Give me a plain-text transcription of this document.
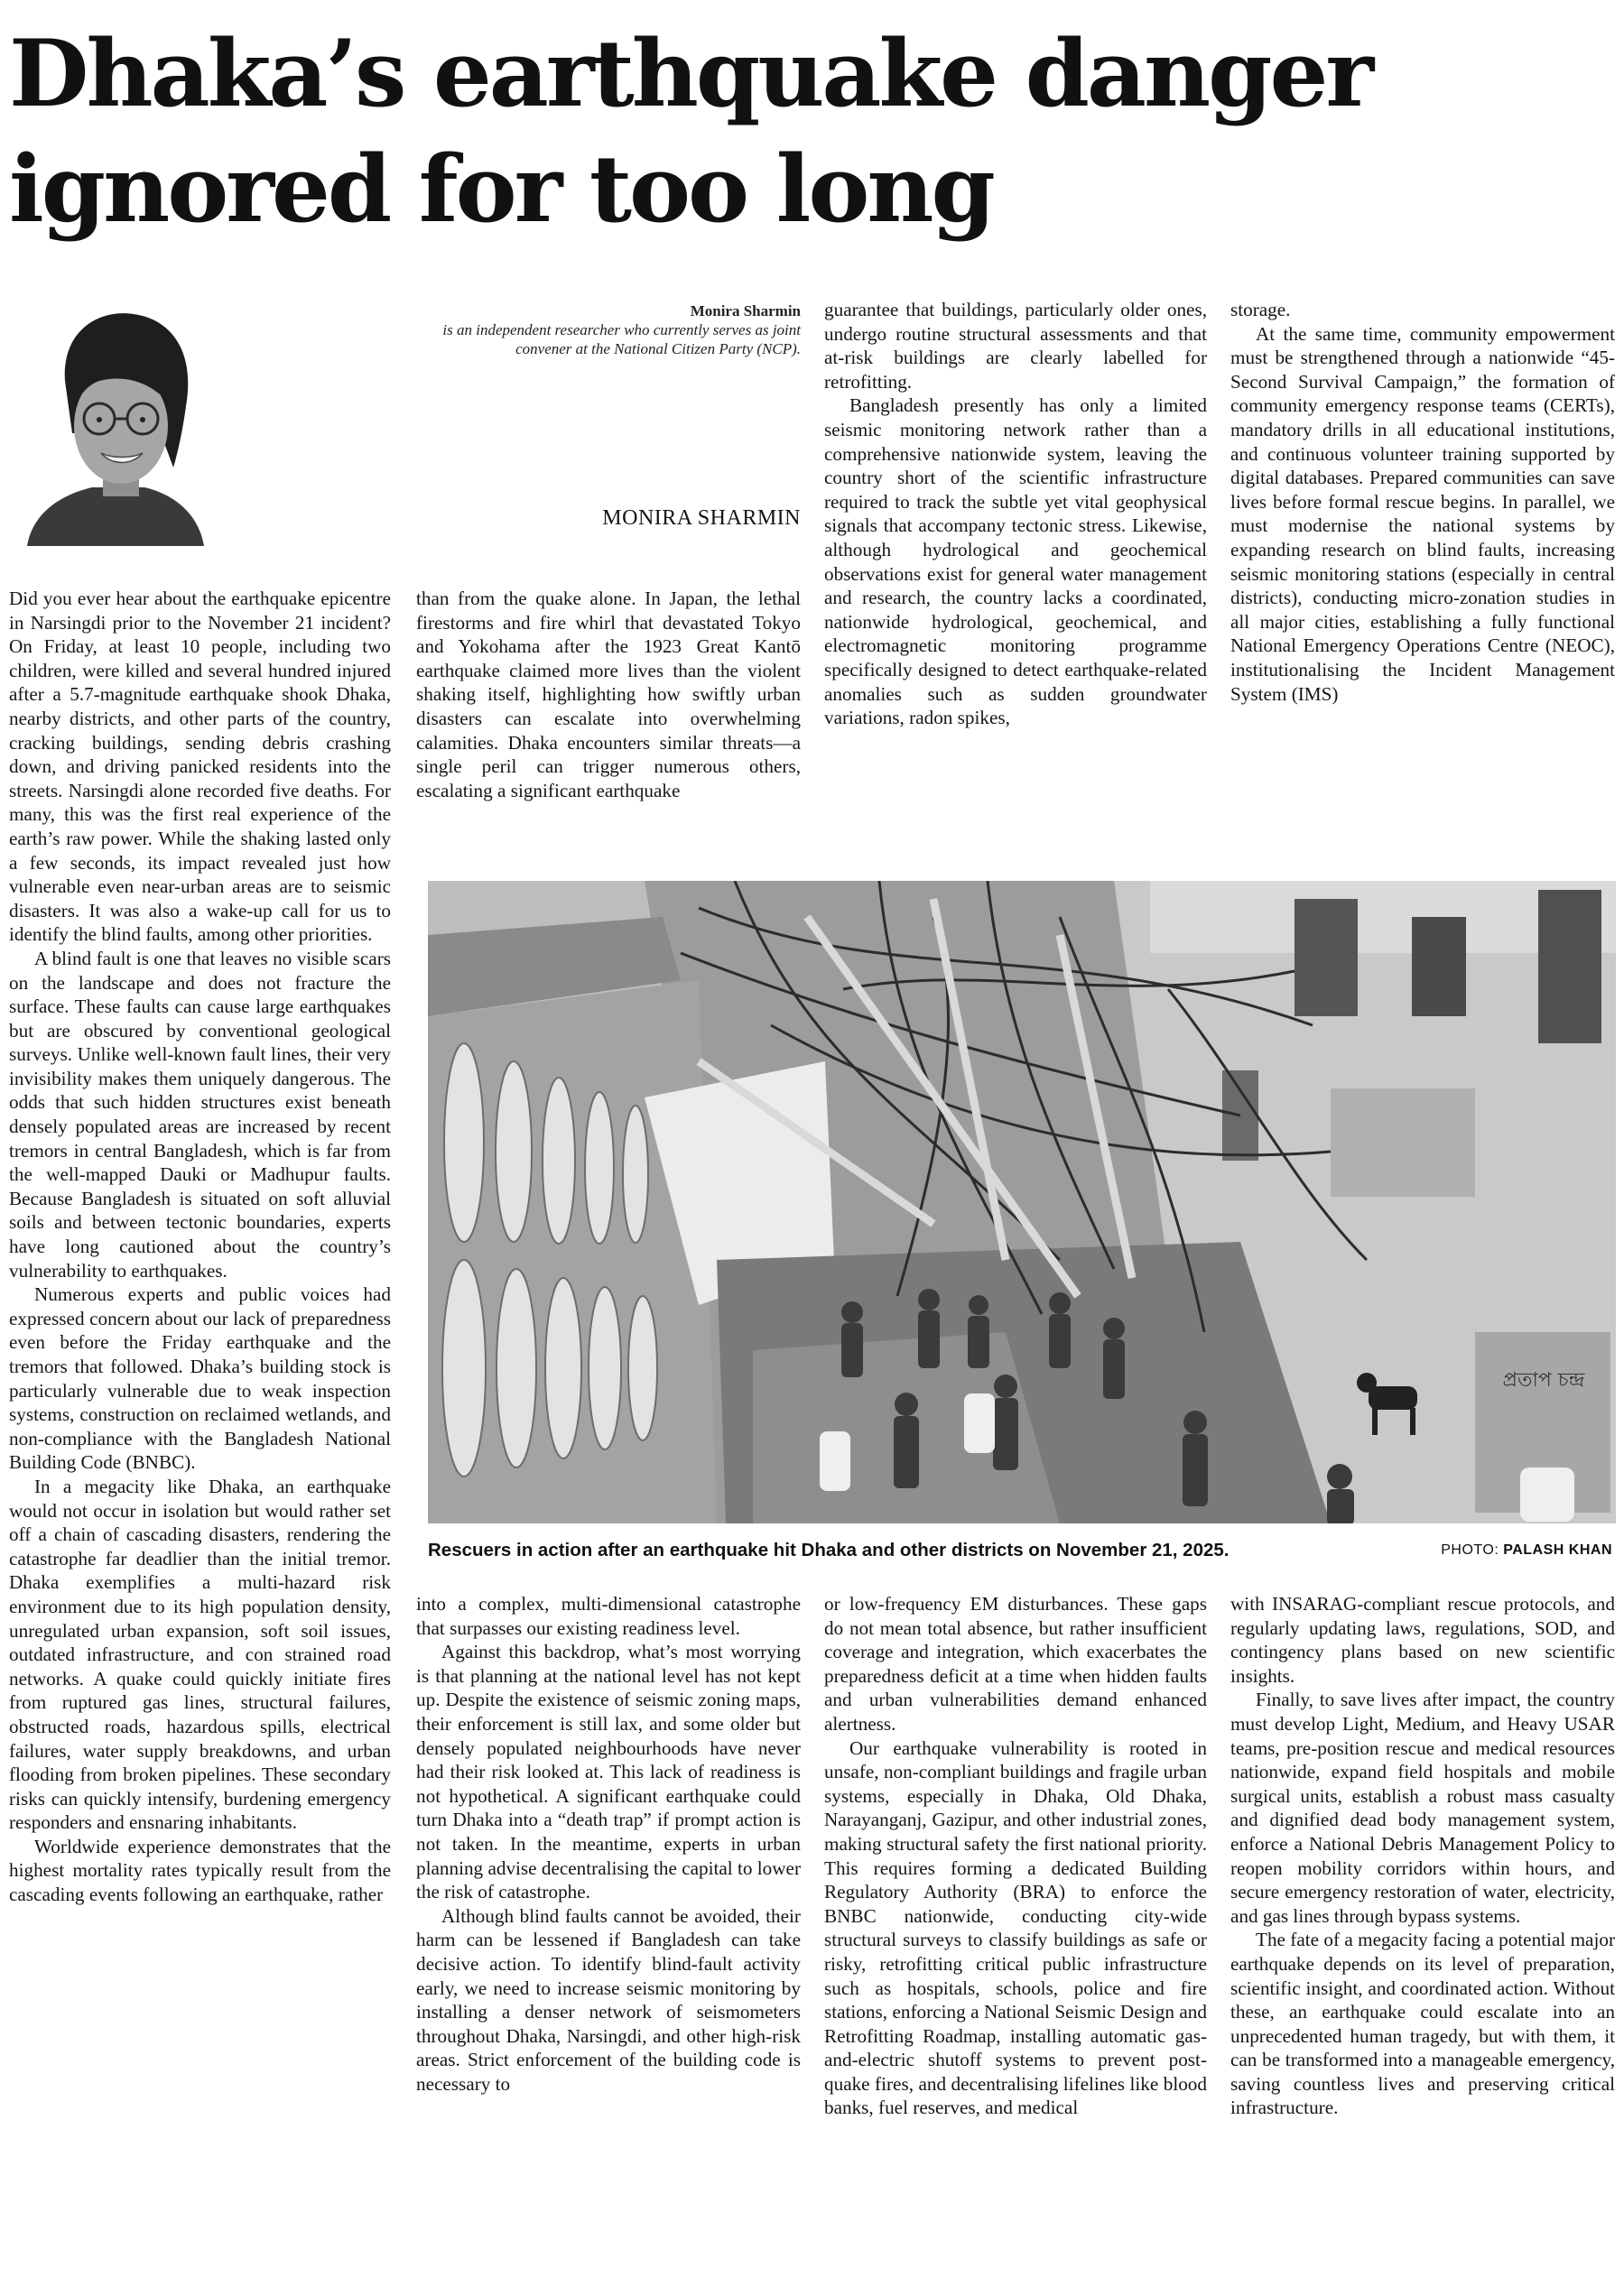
Dhaka’s earthquake danger
ignored for too long
Monira Sharmin
is an independent researcher who currently serves as joint convener at the National Citizen Party (NCP).
MONIRA SHARMIN

Did you ever hear about the earthquake epicentre in Narsingdi prior to the November 21 incident? On Friday, at least 10 people, including two children, were killed and several hundred injured after a 5.7-magnitude earthquake shook Dhaka, nearby districts, and other parts of the country, cracking buildings, sending debris crashing down, and driving panicked residents into the streets. Narsingdi alone recorded five deaths. For many, this was the first real experience of the earth’s raw power. While the shaking lasted only a few seconds, its impact revealed just how vulnerable even near-urban areas are to seismic disasters. It was also a wake-up call for us to identify the blind faults, among other priorities.

A blind fault is one that leaves no visible scars on the landscape and does not fracture the surface. These faults can cause large earthquakes but are obscured by conventional geological surveys. Unlike well-known fault lines, their very invisibility makes them uniquely dangerous. The odds that such hidden structures exist beneath densely populated areas are increased by recent tremors in central Bangladesh, which is far from the well-mapped Dauki or Madhupur faults. Because Bangladesh is situated on soft alluvial soils and between tectonic boundaries, experts have long cautioned about the country’s vulnerability to earthquakes.

Numerous experts and public voices had expressed concern about our lack of preparedness even before the Friday earthquake and the tremors that followed. Dhaka’s building stock is particularly vulnerable due to weak inspection systems, construction on reclaimed wetlands, and non-compliance with the Bangladesh National Building Code (BNBC).

In a megacity like Dhaka, an earthquake would not occur in isolation but would rather set off a chain of cascading disasters, rendering the catastrophe far deadlier than the initial tremor. Dhaka exemplifies a multi-hazard risk environment due to its high population density, unregulated urban expansion, soft soil issues, outdated infrastructure, and con strained road networks. A quake could quickly initiate fires from ruptured gas lines, structural failures, obstructed roads, hazardous spills, electrical failures, water supply breakdowns, and urban flooding from broken pipelines. These secondary risks can quickly intensify, burdening emergency responders and ensnaring inhabitants.

Worldwide experience demonstrates that the highest mortality rates typically result from the cascading events following an earthquake, rather

than from the quake alone. In Japan, the lethal firestorms and fire whirl that devastated Tokyo and Yokohama after the 1923 Great Kantō earthquake claimed more lives than the violent shaking itself, highlighting how swiftly urban disasters can escalate into overwhelming calamities. Dhaka encounters similar threats—a single peril can trigger numerous others, escalating a significant earthquake

guarantee that buildings, particularly older ones, undergo routine structural assessments and that at-risk buildings are clearly labelled for retrofitting.

Bangladesh presently has only a limited seismic monitoring network rather than a comprehensive nationwide system, leaving the country short of the scientific infrastructure required to track the subtle yet vital geophysical signals that accompany tectonic stress. Likewise, although hydrological and geochemical observations exist for general water management and research, the country lacks a coordinated, nationwide hydrological, geochemical, and electromagnetic monitoring programme specifically designed to detect earthquake-related anomalies such as sudden groundwater variations, radon spikes,

storage.

At the same time, community empowerment must be strengthened through a nationwide “45-Second Survival Campaign,” the formation of community emergency response teams (CERTs), mandatory drills in all educational institutions, and continuous volunteer training supported by digital databases. Prepared communities can save lives before formal rescue begins. In parallel, we must modernise the national systems by expanding research on blind faults, increasing seismic monitoring stations (especially in central districts), conducting micro-zonation studies in all major cities, establishing a fully functional National Emergency Operations Centre (NEOC), institutionalising the Incident Management System (IMS)

প্রতাপ চন্দ্র
Rescuers in action after an earthquake hit Dhaka and other districts on November 21, 2025.	PHOTO: PALASH KHAN

into a complex, multi-dimensional catastrophe that surpasses our existing readiness level.

Against this backdrop, what’s most worrying is that planning at the national level has not kept up. Despite the existence of seismic zoning maps, their enforcement is still lax, and some older but densely populated neighbourhoods have never had their risk looked at. This lack of readiness is not hypothetical. A significant earthquake could turn Dhaka into a “death trap” if prompt action is not taken. In the meantime, experts in urban planning advise decentralising the capital to lower the risk of catastrophe.

Although blind faults cannot be avoided, their harm can be lessened if Bangladesh can take decisive action. To identify blind-fault activity early, we need to increase seismic monitoring by installing a denser network of seismometers throughout Dhaka, Narsingdi, and other high-risk areas. Strict enforcement of the building code is necessary to

or low-frequency EM disturbances. These gaps do not mean total absence, but rather insufficient coverage and integration, which exacerbates the preparedness deficit at a time when hidden faults and urban vulnerabilities demand enhanced alertness.

Our earthquake vulnerability is rooted in unsafe, non-compliant buildings and fragile urban systems, especially in Dhaka, Old Dhaka, Narayanganj, Gazipur, and other industrial zones, making structural safety the first national priority. This requires forming a dedicated Building Regulatory Authority (BRA) to enforce the BNBC nationwide, conducting city-wide structural surveys to classify buildings as safe or risky, retrofitting critical public infrastructure such as hospitals, schools, police and fire stations, enforcing a National Seismic Design and Retrofitting Roadmap, installing automatic gas-and-electric shutoff systems to prevent post-quake fires, and decentralising lifelines like blood banks, fuel reserves, and medical

with INSARAG-compliant rescue protocols, and regularly updating laws, regulations, SOD, and contingency plans based on new scientific insights.

Finally, to save lives after impact, the country must develop Light, Medium, and Heavy USAR teams, pre-position rescue and medical resources nationwide, expand field hospitals and mobile surgical units, establish a robust mass casualty and dignified dead body management system, enforce a National Debris Management Policy to reopen mobility corridors within hours, and secure emergency restoration of water, electricity, and gas lines through bypass systems.

The fate of a megacity facing a potential major earthquake depends on its level of preparation, scientific insight, and coordinated action. Without these, an earthquake could escalate into an unprecedented human tragedy, but with them, it can be transformed into a manageable emergency, saving countless lives and preserving critical infrastructure.
